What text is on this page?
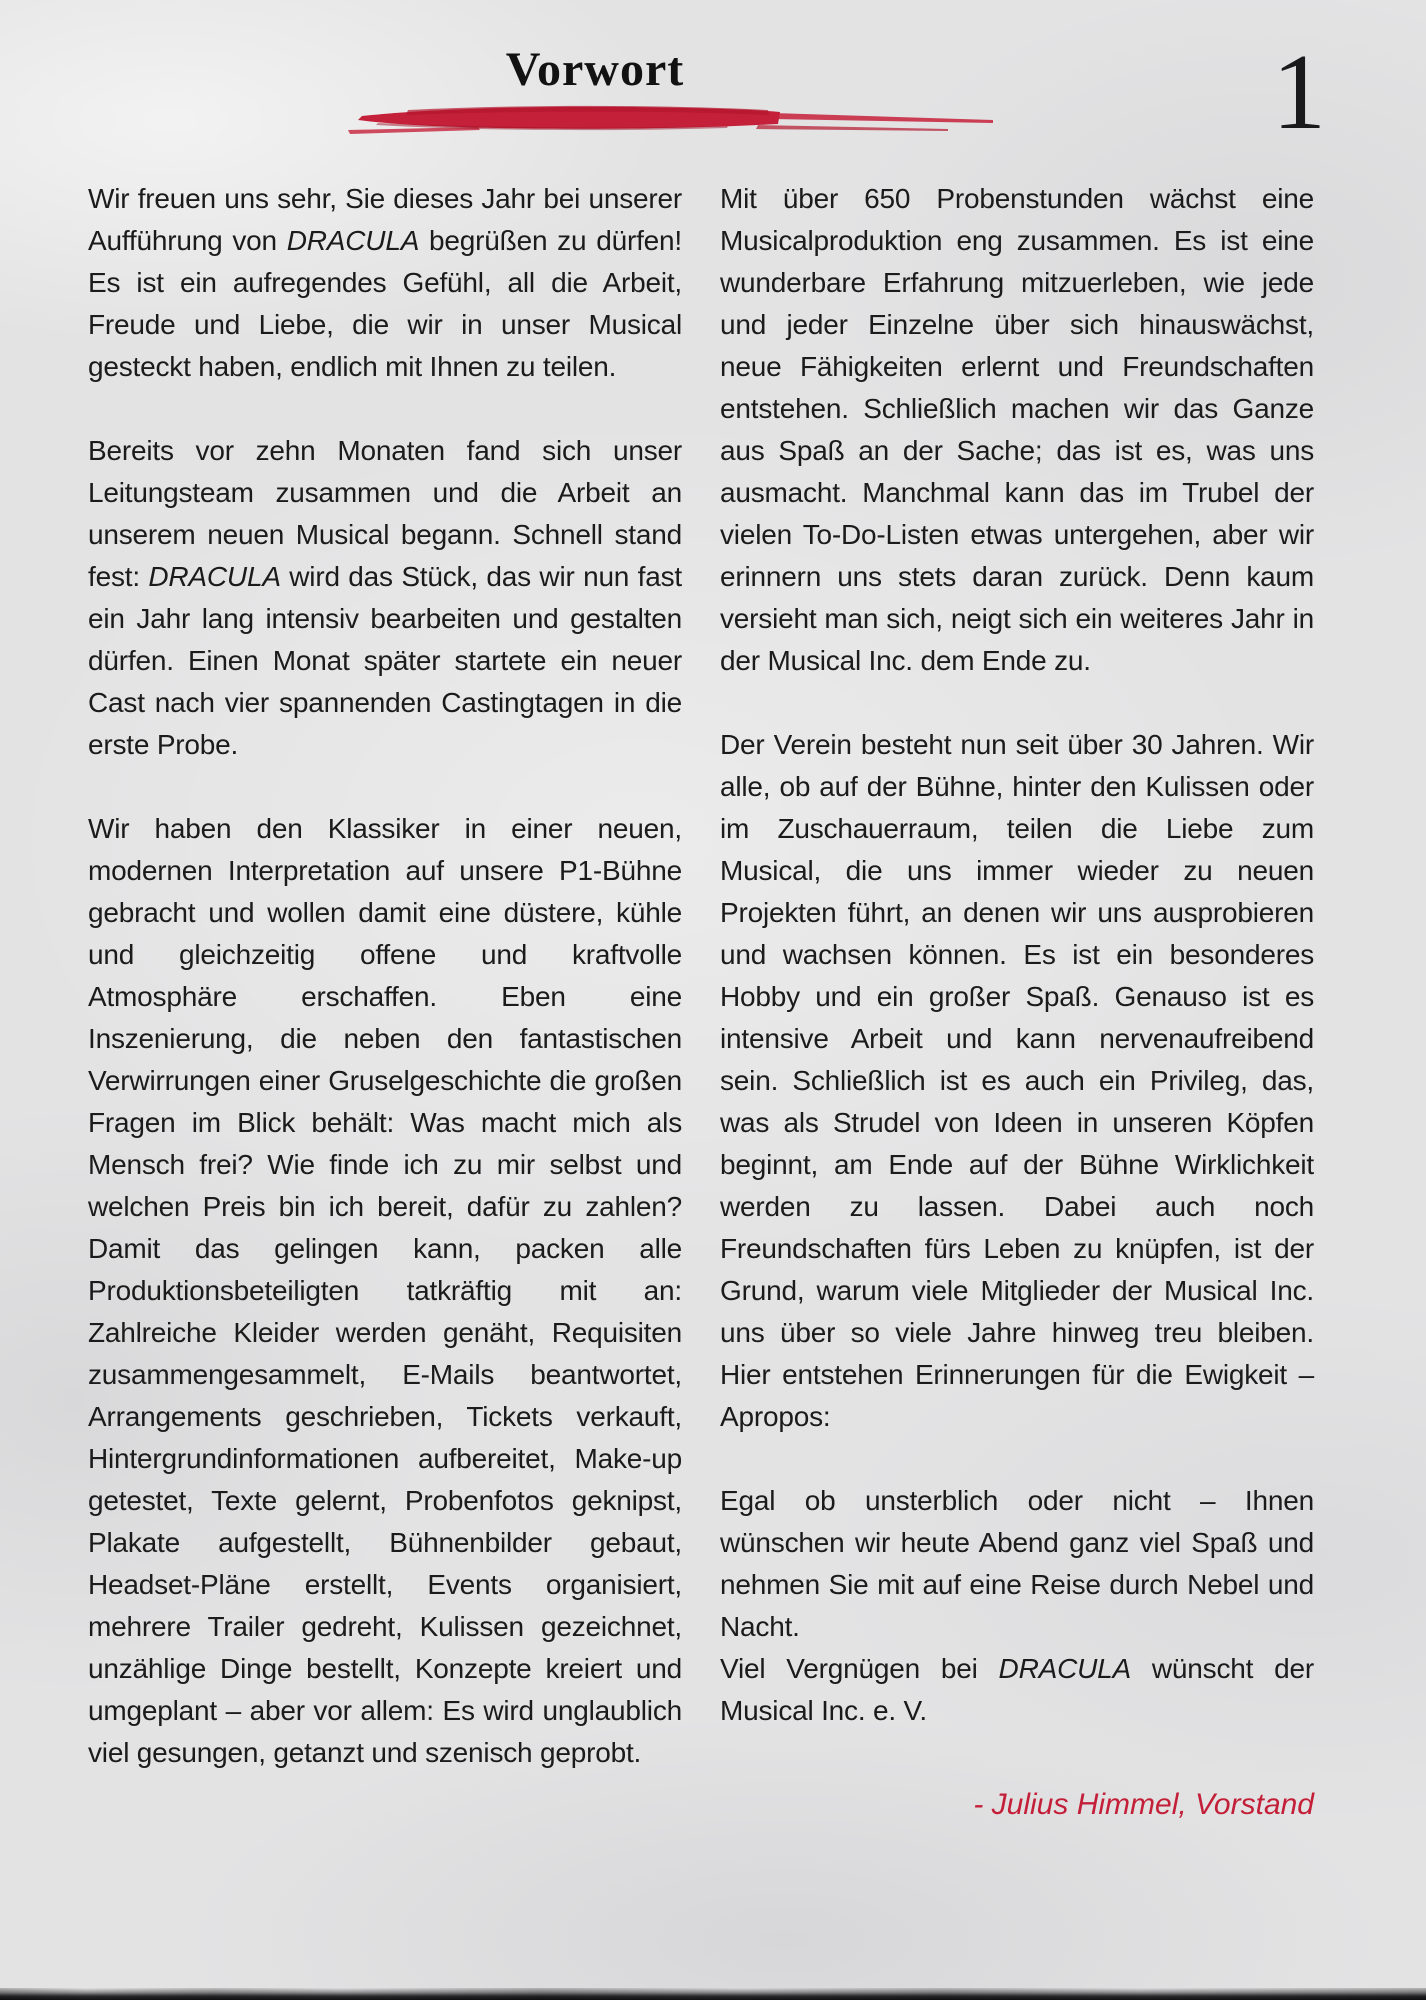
Vorwort	1

Wir freuen uns sehr, Sie dieses Jahr bei unserer Aufführung von DRACULA begrüßen zu dürfen! Es ist ein aufregendes Gefühl, all die Arbeit, Freude und Liebe, die wir in unser Musical gesteckt haben, endlich mit Ihnen zu teilen.

Bereits vor zehn Monaten fand sich unser Leitungsteam zusammen und die Arbeit an unserem neuen Musical begann. Schnell stand fest: DRACULA wird das Stück, das wir nun fast ein Jahr lang intensiv bearbeiten und gestalten dürfen. Einen Monat später startete ein neuer Cast nach vier spannenden Castingtagen in die erste Probe.

Wir haben den Klassiker in einer neuen, modernen Interpretation auf unsere P1-Bühne gebracht und wollen damit eine düstere, kühle und gleichzeitig offene und kraftvolle Atmosphäre erschaffen. Eben eine Inszenierung, die neben den fantastischen Verwirrungen einer Gruselgeschichte die großen Fragen im Blick behält: Was macht mich als Mensch frei? Wie finde ich zu mir selbst und welchen Preis bin ich bereit, dafür zu zahlen? Damit das gelingen kann, packen alle Produktionsbeteiligten tatkräftig mit an: Zahlreiche Kleider werden genäht, Requisiten zusammengesammelt, E-Mails beantwortet, Arrangements geschrieben, Tickets verkauft, Hintergrundinformationen aufbereitet, Make-up getestet, Texte gelernt, Probenfotos geknipst, Plakate aufgestellt, Bühnenbilder gebaut, Headset-Pläne erstellt, Events organisiert, mehrere Trailer gedreht, Kulissen gezeichnet, unzählige Dinge bestellt, Konzepte kreiert und umgeplant – aber vor allem: Es wird unglaublich viel gesungen, getanzt und szenisch geprobt.

Mit über 650 Probenstunden wächst eine Musicalproduktion eng zusammen. Es ist eine wunderbare Erfahrung mitzuerleben, wie jede und jeder Einzelne über sich hinauswächst, neue Fähigkeiten erlernt und Freundschaften entstehen. Schließlich machen wir das Ganze aus Spaß an der Sache; das ist es, was uns ausmacht. Manchmal kann das im Trubel der vielen To-Do-Listen etwas untergehen, aber wir erinnern uns stets daran zurück. Denn kaum versieht man sich, neigt sich ein weiteres Jahr in der Musical Inc. dem Ende zu.

Der Verein besteht nun seit über 30 Jahren. Wir alle, ob auf der Bühne, hinter den Kulissen oder im Zuschauerraum, teilen die Liebe zum Musical, die uns immer wieder zu neuen Projekten führt, an denen wir uns ausprobieren und wachsen können. Es ist ein besonderes Hobby und ein großer Spaß. Genauso ist es intensive Arbeit und kann nervenaufreibend sein. Schließlich ist es auch ein Privileg, das, was als Strudel von Ideen in unseren Köpfen beginnt, am Ende auf der Bühne Wirklichkeit werden zu lassen. Dabei auch noch Freundschaften fürs Leben zu knüpfen, ist der Grund, warum viele Mitglieder der Musical Inc. uns über so viele Jahre hinweg treu bleiben. Hier entstehen Erinnerungen für die Ewigkeit – Apropos:

Egal ob unsterblich oder nicht – Ihnen wünschen wir heute Abend ganz viel Spaß und nehmen Sie mit auf eine Reise durch Nebel und Nacht.
Viel Vergnügen bei DRACULA wünscht der Musical Inc. e. V.

- Julius Himmel, Vorstand
